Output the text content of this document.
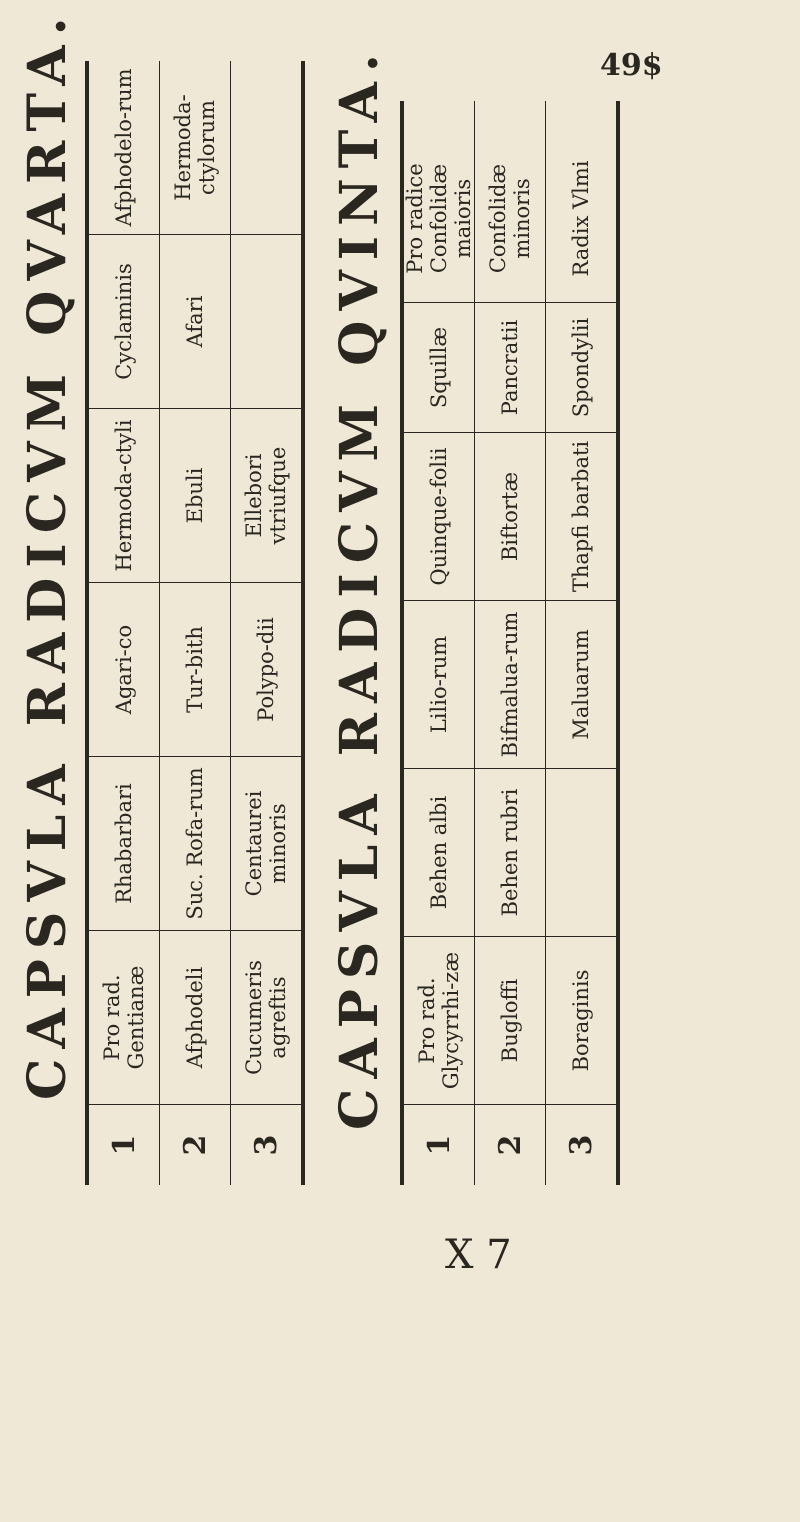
49$
CAPSVLA RADICVM QVARTA.
1
Pro rad. Gentianæ
Rhabarbari
Agari-co
Hermoda-ctyli
Cyclaminis
Afphodelo-rum
2
Afphodeli
Suc. Rofa-rum
Tur-bith
Ebuli
Afari
Hermoda-ctylorum
3
Cucumeris agreftis
Centaurei minoris
Polypo-dii
Ellebori vtriufque CAPSVLA RADICVM QVINTA.
1
Pro rad. Glycyrrhi-zæ
Behen albi
Lilio-rum
Quinque-folii
Squillæ
Pro radice Confolidæ maioris
2
Bugloffi
Behen rubri
Bifmalua-rum
Biftortæ
Pancratii
Confolidæ minoris
3
Boraginis
Maluarum
Thapfi barbati
Spondylii
Radix Vlmi
X 7
